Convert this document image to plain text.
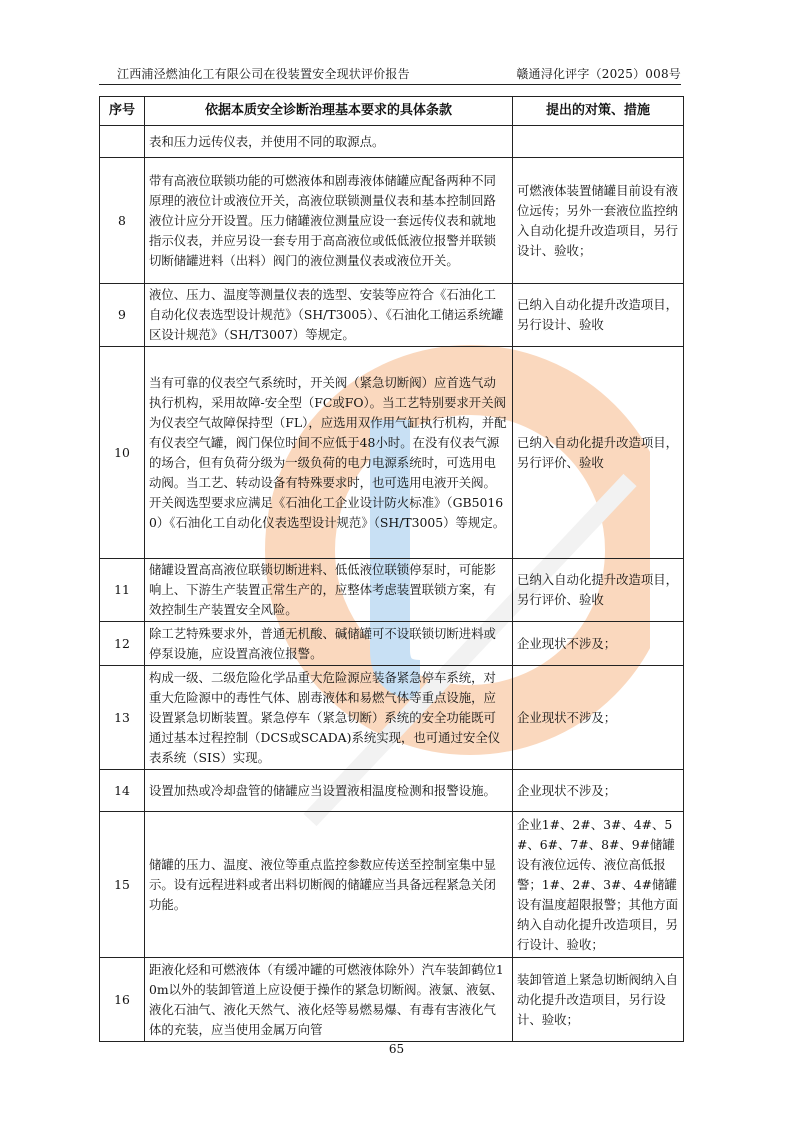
江西浦泾燃油化工有限公司在役装置安全现状评价报告	赣通浔化评字（2025）008号
序号	依据本质安全诊断治理基本要求的具体条款	提出的对策、措施
	表和压力远传仪表，并使用不同的取源点。	
8	带有高液位联锁功能的可燃液体和剧毒液体储罐应配备两种不同原理的液位计或液位开关，高液位联锁测量仪表和基本控制回路液位计应分开设置。压力储罐液位测量应设一套远传仪表和就地指示仪表，并应另设一套专用于高高液位或低低液位报警并联锁切断储罐进料（出料）阀门的液位测量仪表或液位开关。	可燃液体装置储罐目前设有液位远传；另外一套液位监控纳入自动化提升改造项目，另行设计、验收；
9	液位、压力、温度等测量仪表的选型、安装等应符合《石油化工自动化仪表选型设计规范》（SH/T3005）、《石油化工储运系统罐区设计规范》（SH/T3007）等规定。	已纳入自动化提升改造项目，另行设计、验收
10	当有可靠的仪表空气系统时，开关阀（紧急切断阀）应首选气动执行机构，采用故障-安全型（FC或FO）。当工艺特别要求开关阀为仪表空气故障保持型（FL），应选用双作用气缸执行机构，并配有仪表空气罐，阀门保位时间不应低于48小时。在没有仪表气源的场合，但有负荷分级为一级负荷的电力电源系统时，可选用电动阀。当工艺、转动设备有特殊要求时，也可选用电液开关阀。开关阀选型要求应满足《石油化工企业设计防火标准》（GB50160）《石油化工自动化仪表选型设计规范》（SH/T3005）等规定。	已纳入自动化提升改造项目，另行评价、验收
11	储罐设置高高液位联锁切断进料、低低液位联锁停泵时，可能影响上、下游生产装置正常生产的，应整体考虑装置联锁方案，有效控制生产装置安全风险。	已纳入自动化提升改造项目，另行评价、验收
12	除工艺特殊要求外，普通无机酸、碱储罐可不设联锁切断进料或停泵设施，应设置高液位报警。	企业现状不涉及；
13	构成一级、二级危险化学品重大危险源应装备紧急停车系统，对重大危险源中的毒性气体、剧毒液体和易燃气体等重点设施，应设置紧急切断装置。紧急停车（紧急切断）系统的安全功能既可通过基本过程控制（DCS或SCADA)系统实现，也可通过安全仪表系统（SIS）实现。	企业现状不涉及；
14	设置加热或冷却盘管的储罐应当设置液相温度检测和报警设施。	企业现状不涉及；
15	储罐的压力、温度、液位等重点监控参数应传送至控制室集中显示。设有远程进料或者出料切断阀的储罐应当具备远程紧急关闭功能。	企业1#、2#、3#、4#、5#、6#、7#、8#、9#储罐设有液位远传、液位高低报警；1#、2#、3#、4#储罐设有温度超限报警；其他方面纳入自动化提升改造项目，另行设计、验收；
16	距液化烃和可燃液体（有缓冲罐的可燃液体除外）汽车装卸鹤位10m以外的装卸管道上应设便于操作的紧急切断阀。液氯、液氨、液化石油气、液化天然气、液化烃等易燃易爆、有毒有害液化气体的充装，应当使用金属万向管	装卸管道上紧急切断阀纳入自动化提升改造项目，另行设计、验收；
65
